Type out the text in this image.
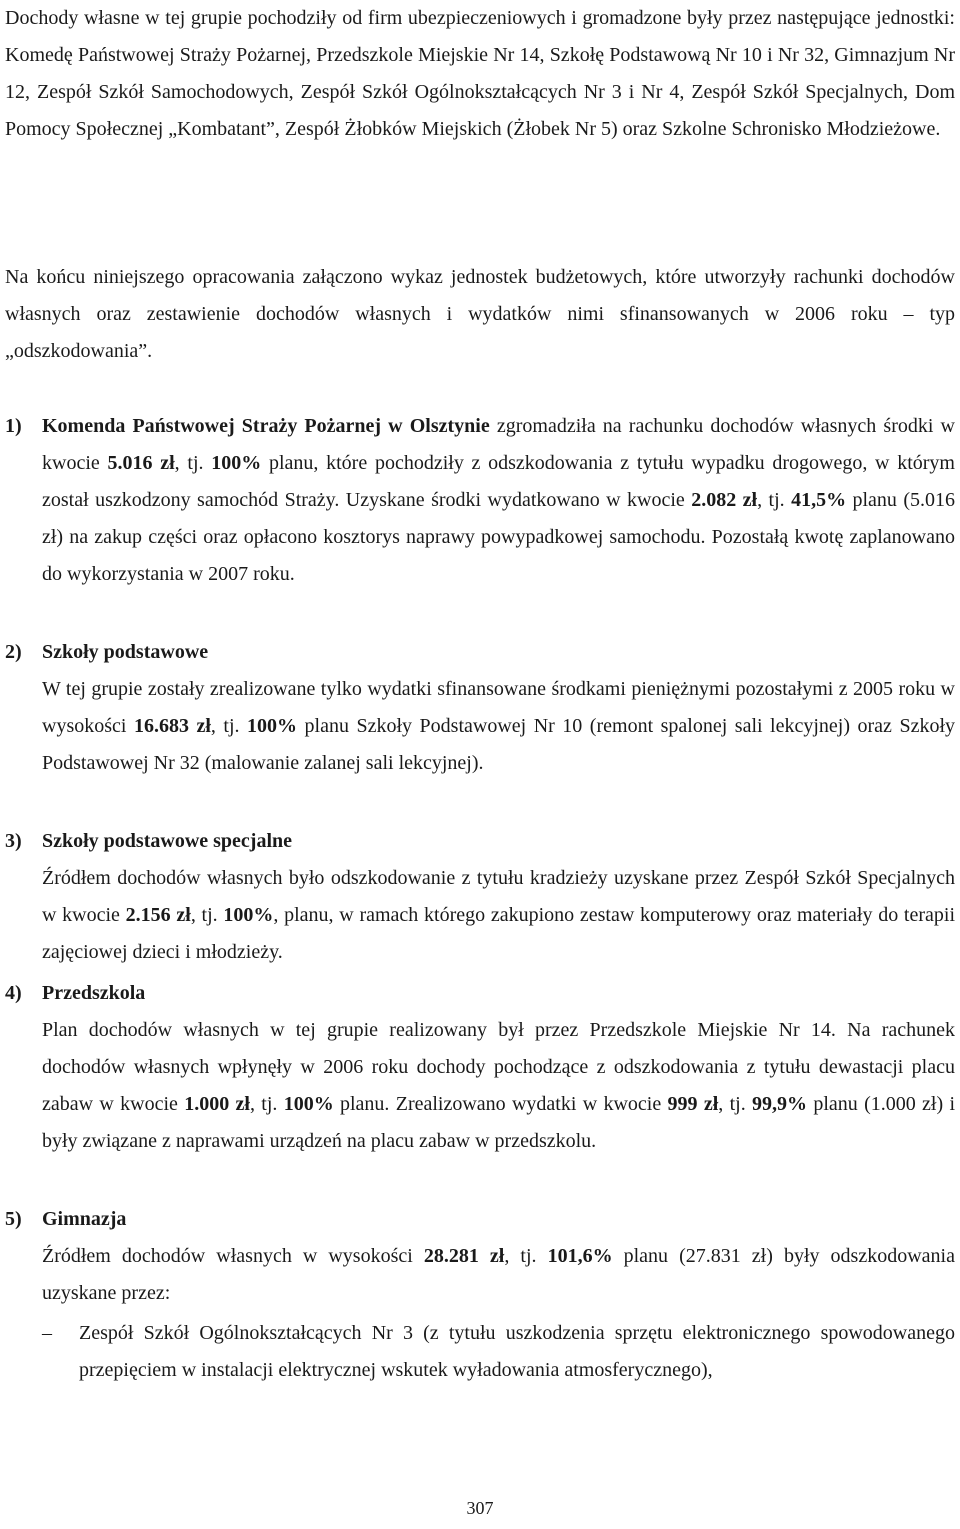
Dochody własne w tej grupie pochodziły od firm ubezpieczeniowych i gromadzone były przez następujące jednostki: Komedę Państwowej Straży Pożarnej, Przedszkole Miejskie Nr 14, Szkołę Podstawową Nr 10 i Nr 32, Gimnazjum Nr 12, Zespół Szkół Samochodowych, Zespół Szkół Ogólnokształcących Nr 3 i Nr 4, Zespół Szkół Specjalnych, Dom Pomocy Społecznej „Kombatant”, Zespół Żłobków Miejskich (Żłobek Nr 5) oraz Szkolne Schronisko Młodzieżowe.

Na końcu niniejszego opracowania załączono wykaz jednostek budżetowych, które utworzyły rachunki dochodów własnych oraz zestawienie dochodów własnych i wydatków nimi sfinansowanych w 2006 roku – typ „odszkodowania”.

1) Komenda Państwowej Straży Pożarnej w Olsztynie zgromadziła na rachunku dochodów własnych środki w kwocie 5.016 zł, tj. 100% planu, które pochodziły z odszkodowania z tytułu wypadku drogowego, w którym został uszkodzony samochód Straży. Uzyskane środki wydatkowano w kwocie 2.082 zł, tj. 41,5% planu (5.016 zł) na zakup części oraz opłacono kosztorys naprawy powypadkowej samochodu. Pozostałą kwotę zaplanowano do wykorzystania w 2007 roku.

2) Szkoły podstawowe

W tej grupie zostały zrealizowane tylko wydatki sfinansowane środkami pieniężnymi pozostałymi z 2005 roku w wysokości 16.683 zł, tj. 100% planu Szkoły Podstawowej Nr 10 (remont spalonej sali lekcyjnej) oraz Szkoły Podstawowej Nr 32 (malowanie zalanej sali lekcyjnej).

3) Szkoły podstawowe specjalne

Źródłem dochodów własnych było odszkodowanie z tytułu kradzieży uzyskane przez Zespół Szkół Specjalnych w kwocie 2.156 zł, tj. 100%, planu, w ramach którego zakupiono zestaw komputerowy oraz materiały do terapii zajęciowej dzieci i młodzieży.

4) Przedszkola

Plan dochodów własnych w tej grupie realizowany był przez Przedszkole Miejskie Nr 14. Na rachunek dochodów własnych wpłynęły w 2006 roku dochody pochodzące z odszkodowania z tytułu dewastacji placu zabaw w kwocie 1.000 zł, tj. 100% planu. Zrealizowano wydatki w kwocie 999 zł, tj. 99,9% planu (1.000 zł) i były związane z naprawami urządzeń na placu zabaw w przedszkolu.

5) Gimnazja

Źródłem dochodów własnych w wysokości 28.281 zł, tj. 101,6% planu (27.831 zł) były odszkodowania uzyskane przez:

– Zespół Szkół Ogólnokształcących Nr 3 (z tytułu uszkodzenia sprzętu elektronicznego spowodowanego przepięciem w instalacji elektrycznej wskutek wyładowania atmosferycznego),

307
